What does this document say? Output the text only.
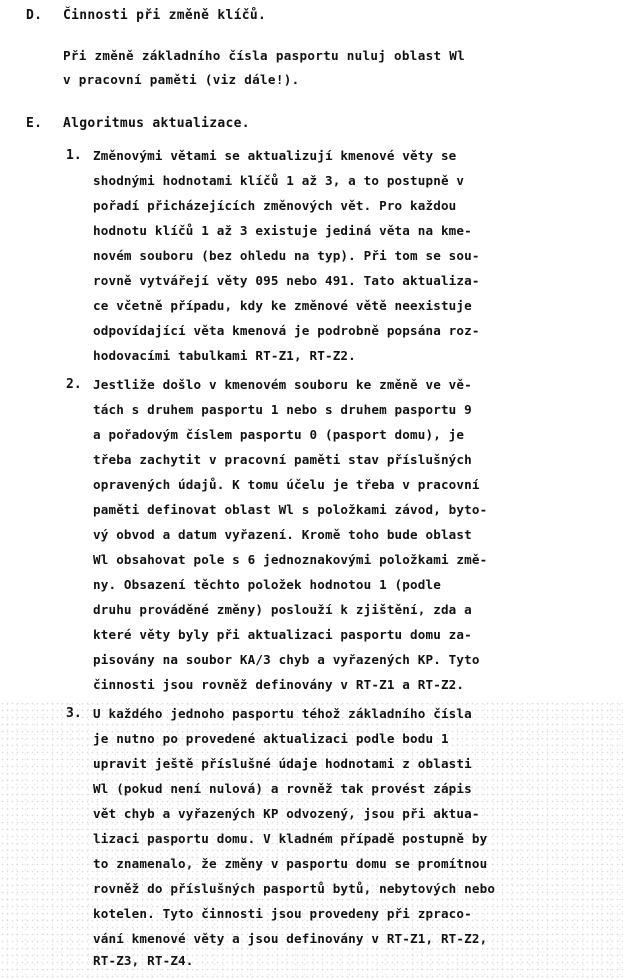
D. Činnosti při změně klíčů.
Při změně základního čísla pasportu nuluj oblast Wl
v pracovní paměti (viz dále!).
E. Algoritmus aktualizace.
1. Změnovými větami se aktualizují kmenové věty se
shodnými hodnotami klíčů 1 až 3, a to postupně v
pořadí přicházejících změnových vět. Pro každou
hodnotu klíčů 1 až 3 existuje jediná věta na kme-
novém souboru (bez ohledu na typ). Při tom se sou-
rovně vytvářejí věty 095 nebo 491. Tato aktualiza-
ce včetně případu, kdy ke změnové větě neexistuje
odpovídající věta kmenová je podrobně popsána roz-
hodovacími tabulkami RT-Z1, RT-Z2.
2. Jestliže došlo v kmenovém souboru ke změně ve vě-
tách s druhem pasportu 1 nebo s druhem pasportu 9
a pořadovým číslem pasportu 0 (pasport domu), je
třeba zachytit v pracovní paměti stav příslušných
opravených údajů. K tomu účelu je třeba v pracovní
paměti definovat oblast Wl s položkami závod, byto-
vý obvod a datum vyřazení. Kromě toho bude oblast
Wl obsahovat pole s 6 jednoznakovými položkami změ-
ny. Obsazení těchto položek hodnotou 1 (podle
druhu prováděné změny) poslouží k zjištění, zda a
které věty byly při aktualizaci pasportu domu za-
pisovány na soubor KA/3 chyb a vyřazených KP. Tyto
činnosti jsou rovněž definovány v RT-Z1 a RT-Z2.
3. U každého jednoho pasportu téhož základního čísla
je nutno po provedené aktualizaci podle bodu 1
upravit ještě příslušné údaje hodnotami z oblasti
Wl (pokud není nulová) a rovněž tak provést zápis
vět chyb a vyřazených KP odvozený, jsou při aktua-
lizaci pasportu domu. V kladném případě postupně by
to znamenalo, že změny v pasportu domu se promítnou
rovněž do příslušných pasportů bytů, nebytových nebo
kotelen. Tyto činnosti jsou provedeny při zpraco-
vání kmenové věty a jsou definovány v RT-Z1, RT-Z2,
RT-Z3, RT-Z4.
